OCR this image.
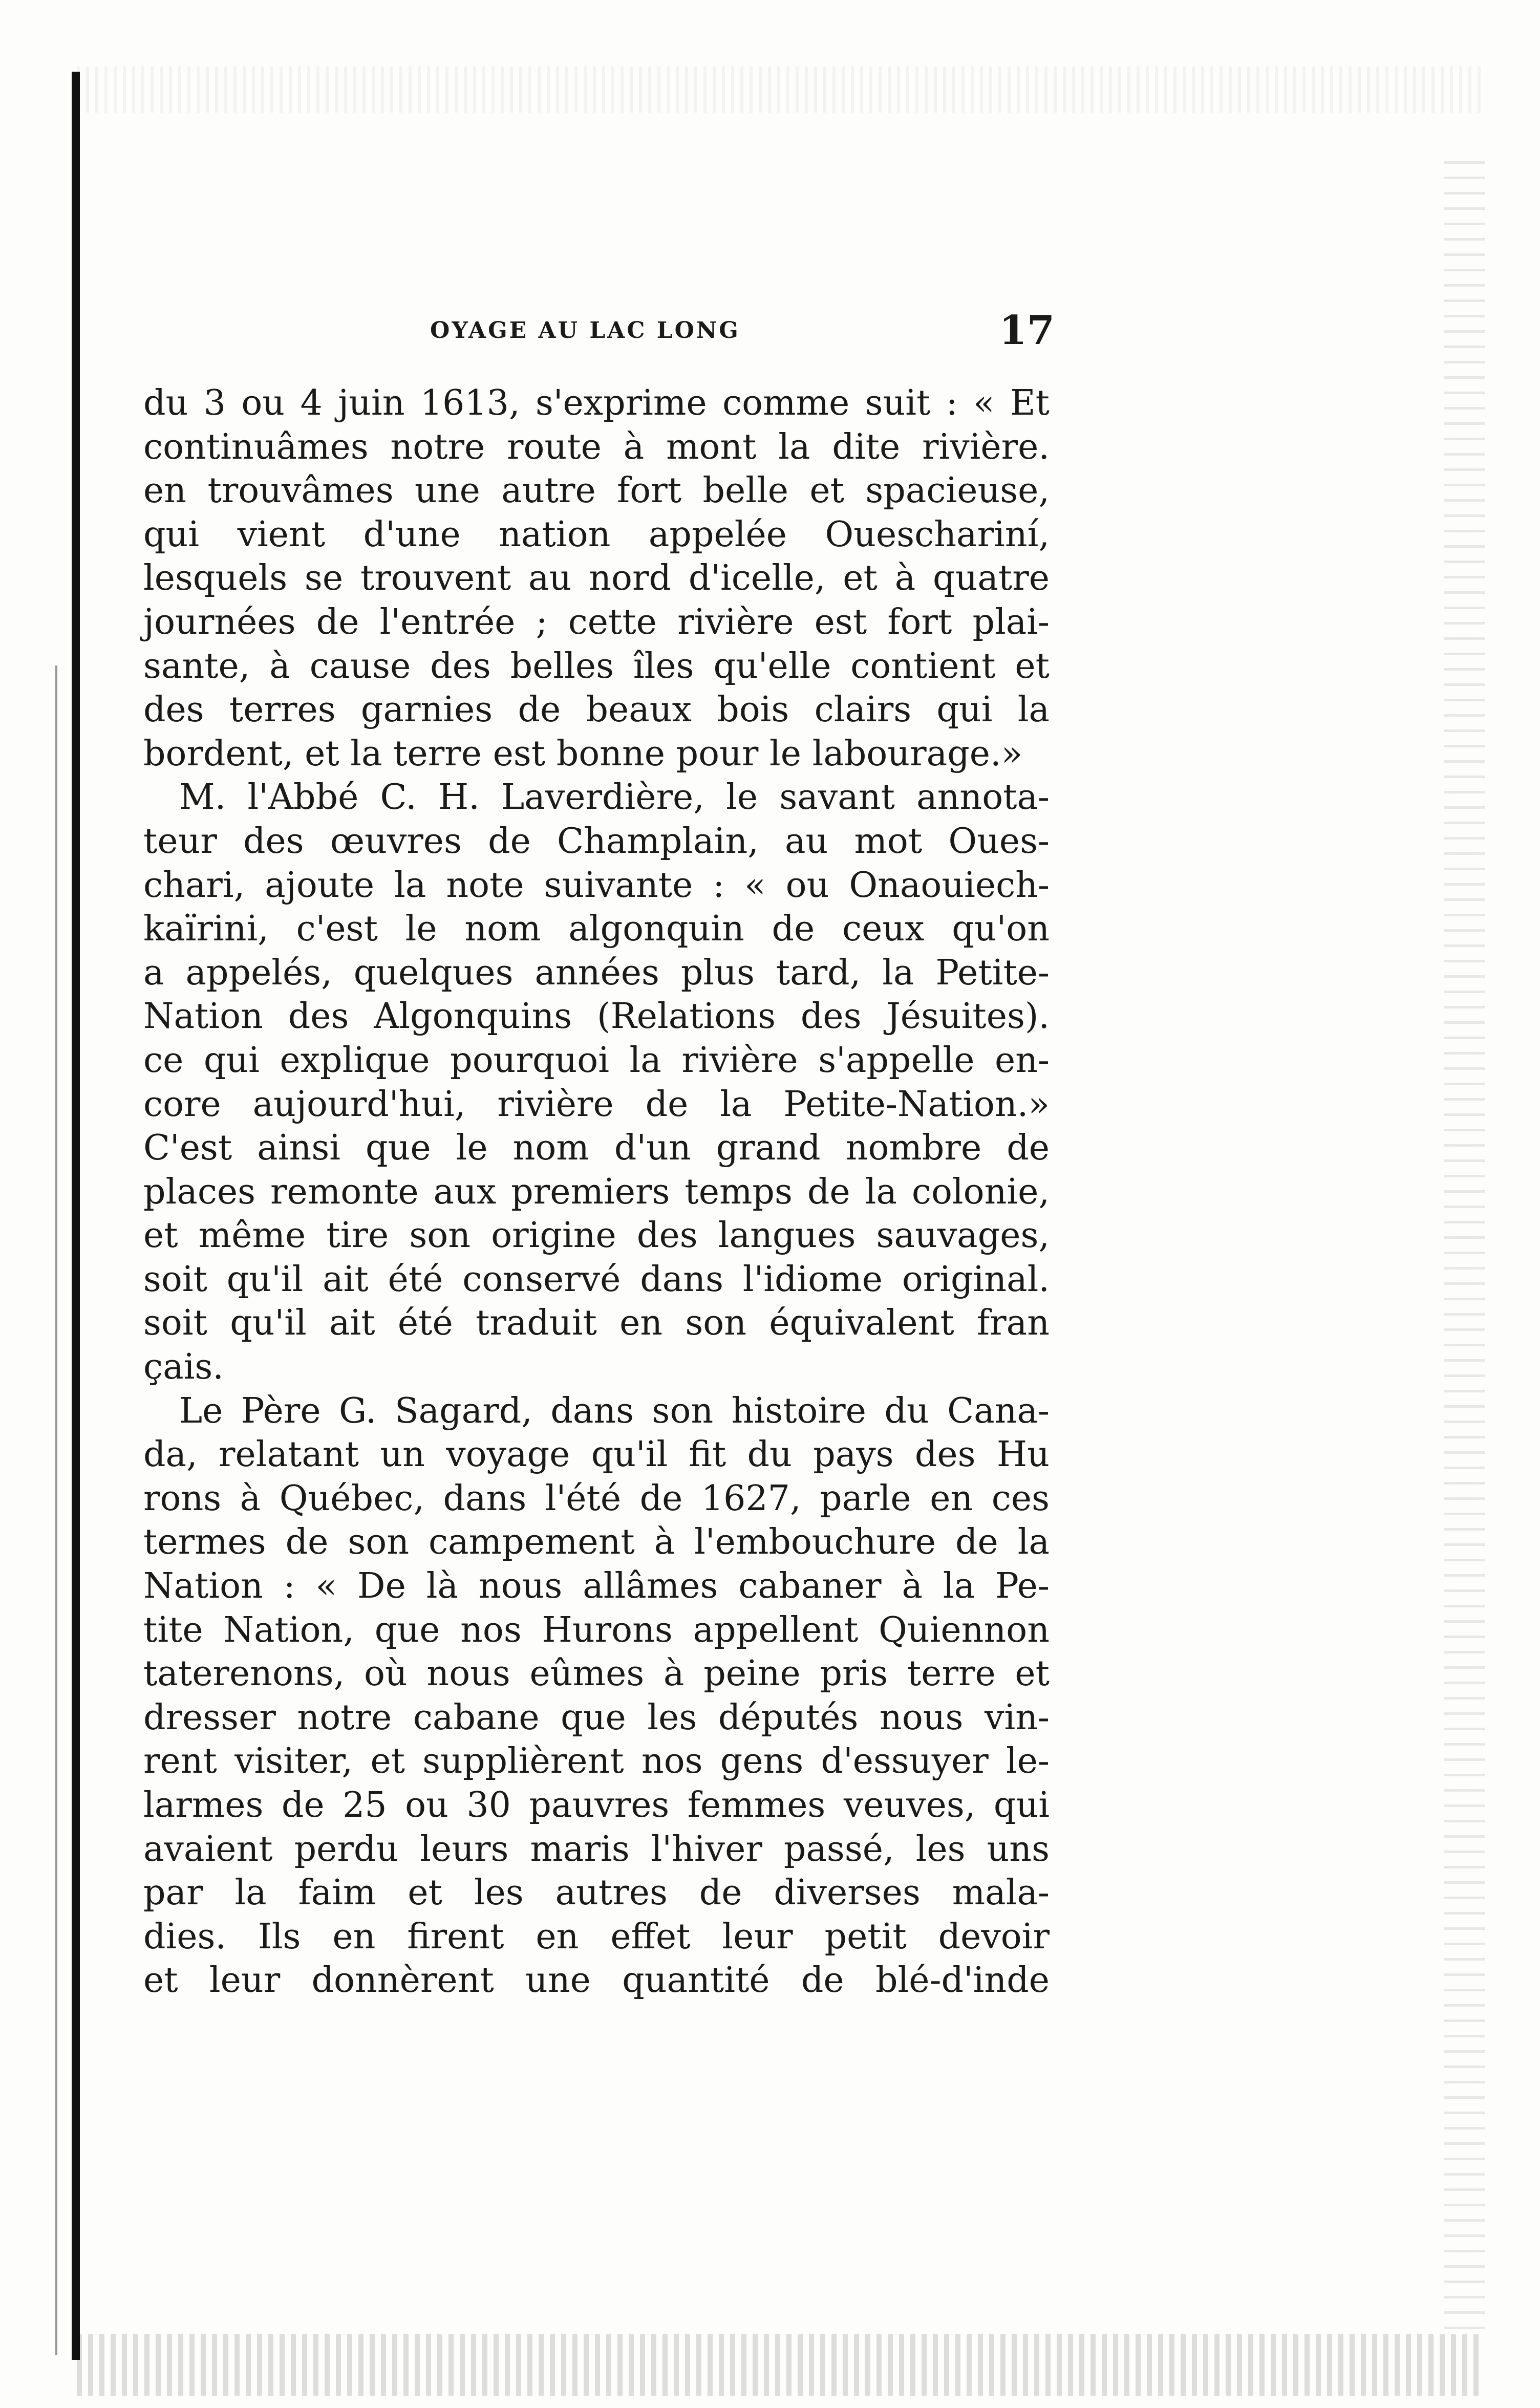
OYAGE AU LAC LONG	17
du 3 ou 4 juin 1613, s'exprime comme suit : « Et
continuâmes notre route à mont la dite rivière.
en trouvâmes une autre fort belle et spacieuse,
qui vient d'une nation appelée Oueschariní,
lesquels se trouvent au nord d'icelle, et à quatre
journées de l'entrée ; cette rivière est fort plai-
sante, à cause des belles îles qu'elle contient et
des terres garnies de beaux bois clairs qui la
bordent, et la terre est bonne pour le labourage.»
M. l'Abbé C. H. Laverdière, le savant annota-
teur des œuvres de Champlain, au mot Oues-
chari, ajoute la note suivante : « ou Onaouiech-
kaïrini, c'est le nom algonquin de ceux qu'on
a appelés, quelques années plus tard, la Petite-
Nation des Algonquins (Relations des Jésuites).
ce qui explique pourquoi la rivière s'appelle en-
core aujourd'hui, rivière de la Petite-Nation.»
C'est ainsi que le nom d'un grand nombre de
places remonte aux premiers temps de la colonie,
et même tire son origine des langues sauvages,
soit qu'il ait été conservé dans l'idiome original.
soit qu'il ait été traduit en son équivalent fran
çais.
Le Père G. Sagard, dans son histoire du Cana-
da, relatant un voyage qu'il fit du pays des Hu
rons à Québec, dans l'été de 1627, parle en ces
termes de son campement à l'embouchure de la
Nation : « De là nous allâmes cabaner à la Pe-
tite Nation, que nos Hurons appellent Quiennon
taterenons, où nous eûmes à peine pris terre et
dresser notre cabane que les députés nous vin-
rent visiter, et supplièrent nos gens d'essuyer le-
larmes de 25 ou 30 pauvres femmes veuves, qui
avaient perdu leurs maris l'hiver passé, les uns
par la faim et les autres de diverses mala-
dies. Ils en firent en effet leur petit devoir
et leur donnèrent une quantité de blé-d'inde
